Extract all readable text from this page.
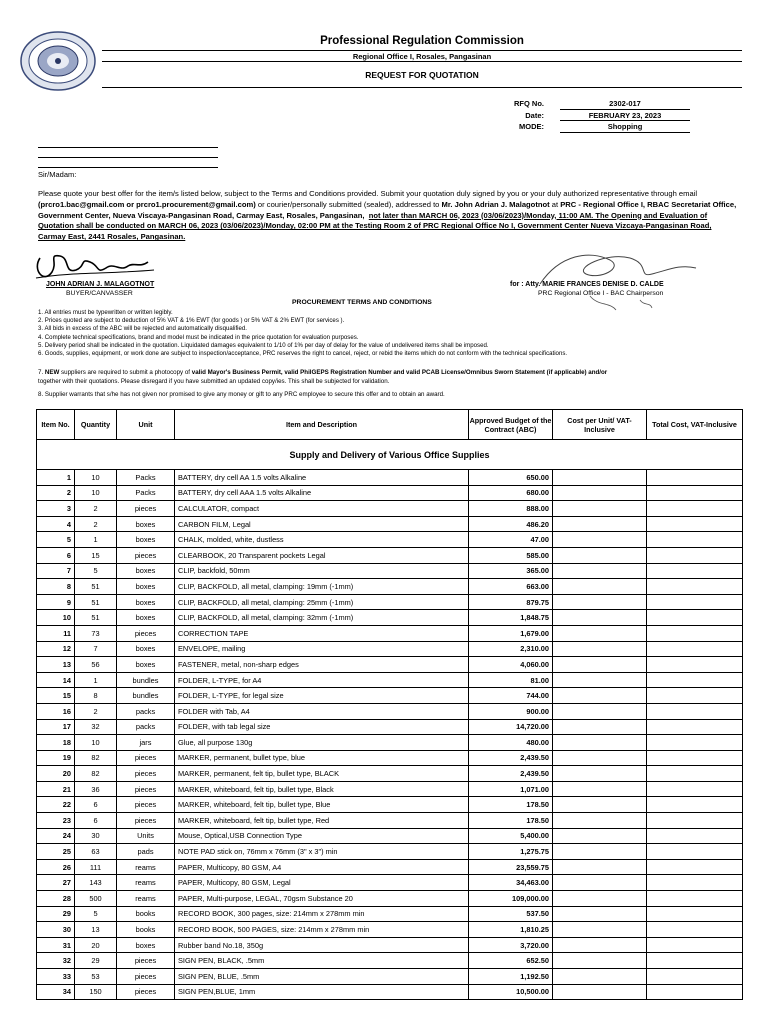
Professional Regulation Commission
Regional Office I, Rosales, Pangasinan
REQUEST FOR QUOTATION
RFQ No.	2302-017
Date:	FEBRUARY 23, 2023
MODE:	Shopping
Sir/Madam:
Please quote your best offer for the item/s listed below, subject to the Terms and Conditions provided. Submit your quotation duly signed by you or your duly authorized representative through email (prcro1.bac@gmail.com or prcro1.procurement@gmail.com) or courier/personally submitted (sealed), addressed to Mr. John Adrian J. Malagotnot at PRC - Regional Office I, RBAC Secretariat Office, Government Center, Nueva Viscaya-Pangasinan Road, Carmay East, Rosales, Pangasinan, not later than MARCH 06, 2023 (03/06/2023)/Monday, 11:00 AM. The Opening and Evaluation of Quotation shall be conducted on MARCH 06, 2023 (03/06/2023)/Monday, 02:00 PM at the Testing Room 2 of PRC Regional Office No I, Government Center Nueva Vizcaya-Pangasinan Road, Carmay East, 2441 Rosales, Pangasinan.
JOHN ADRIAN J. MALAGOTNOT
BUYER/CANVASSER
for : Atty. MARIE FRANCES DENISE D. CALDE
PRC Regional Office I - BAC Chairperson
PROCUREMENT TERMS AND CONDITIONS
1. All entries must be typewritten or written legibly.
2. Prices quoted are subject to deduction of 5% VAT & 1% EWT (for goods ) or 5% VAT & 2% EWT (for services ).
3. All bids in excess of the ABC will be rejected and automatically disqualified.
4. Complete technical specifications, brand and model must be indicated in the price quotation for evaluation purposes.
5. Delivery period shall be indicated in the quotation. Liquidated damages equivalent to 1/10 of 1% per day of delay for the value of undelivered items shall be imposed.
6. Goods, supplies, equipment, or work done are subject to inspection/acceptance, PRC reserves the right to cancel, reject, or rebid the items which do not conform with the technical specifications.
7. NEW suppliers are required to submit a photocopy of valid Mayor's Business Permit, valid PhilGEPS Registration Number and valid PCAB License/Omnibus Sworn Statement (if applicable) and/or
together with their quotations. Please disregard if you have submitted an updated copy/ies. This shall be subjected for validation.
8. Supplier warrants that s/he has not given nor promised to give any money or gift to any PRC employee to secure this offer and to obtain an award.
Item No.	Quantity	Unit	Item and Description	Approved Budget of the Contract (ABC)	Cost per Unit/ VAT-Inclusive	Total Cost, VAT-Inclusive
Supply and Delivery of Various Office Supplies						
1	10	Packs	BATTERY, dry cell AA 1.5 volts Alkaline	650.00		
2	10	Packs	BATTERY, dry cell AAA 1.5 volts Alkaline	680.00		
3	2	pieces	CALCULATOR, compact	888.00		
4	2	boxes	CARBON FILM, Legal	486.20		
5	1	boxes	CHALK, molded, white, dustless	47.00		
6	15	pieces	CLEARBOOK, 20 Transparent pockets Legal	585.00		
7	5	boxes	CLIP, backfold, 50mm	365.00		
8	51	boxes	CLIP, BACKFOLD, all metal, clamping: 19mm (-1mm)	663.00		
9	51	boxes	CLIP, BACKFOLD, all metal, clamping: 25mm (-1mm)	879.75		
10	51	boxes	CLIP, BACKFOLD, all metal, clamping: 32mm (-1mm)	1,848.75		
11	73	pieces	CORRECTION TAPE	1,679.00		
12	7	boxes	ENVELOPE, mailing	2,310.00		
13	56	boxes	FASTENER, metal, non-sharp edges	4,060.00		
14	1	bundles	FOLDER, L-TYPE, for A4	81.00		
15	8	bundles	FOLDER, L-TYPE, for legal size	744.00		
16	2	packs	FOLDER with Tab, A4	900.00		
17	32	packs	FOLDER, with tab legal size	14,720.00		
18	10	jars	Glue, all purpose 130g	480.00		
19	82	pieces	MARKER, permanent, bullet type, blue	2,439.50		
20	82	pieces	MARKER, permanent, felt tip, bullet type, BLACK	2,439.50		
21	36	pieces	MARKER, whiteboard, felt tip, bullet type, Black	1,071.00		
22	6	pieces	MARKER, whiteboard, felt tip, bullet type, Blue	178.50		
23	6	pieces	MARKER, whiteboard, felt tip, bullet type, Red	178.50		
24	30	Units	Mouse, Optical,USB Connection Type	5,400.00		
25	63	pads	NOTE PAD stick on, 76mm x 76mm (3" x 3") min	1,275.75		
26	111	reams	PAPER, Multicopy, 80 GSM, A4	23,559.75		
27	143	reams	PAPER, Multicopy, 80 GSM, Legal	34,463.00		
28	500	reams	PAPER, Multi-purpose, LEGAL, 70gsm Substance 20	109,000.00		
29	5	books	RECORD BOOK, 300 pages, size: 214mm x 278mm min	537.50		
30	13	books	RECORD BOOK, 500 PAGES, size: 214mm x 278mm min	1,810.25		
31	20	boxes	Rubber band No.18, 350g	3,720.00		
32	29	pieces	SIGN PEN, BLACK, .5mm	652.50		
33	53	pieces	SIGN PEN, BLUE, .5mm	1,192.50		
34	150	pieces	SIGN PEN,BLUE, 1mm	10,500.00		
